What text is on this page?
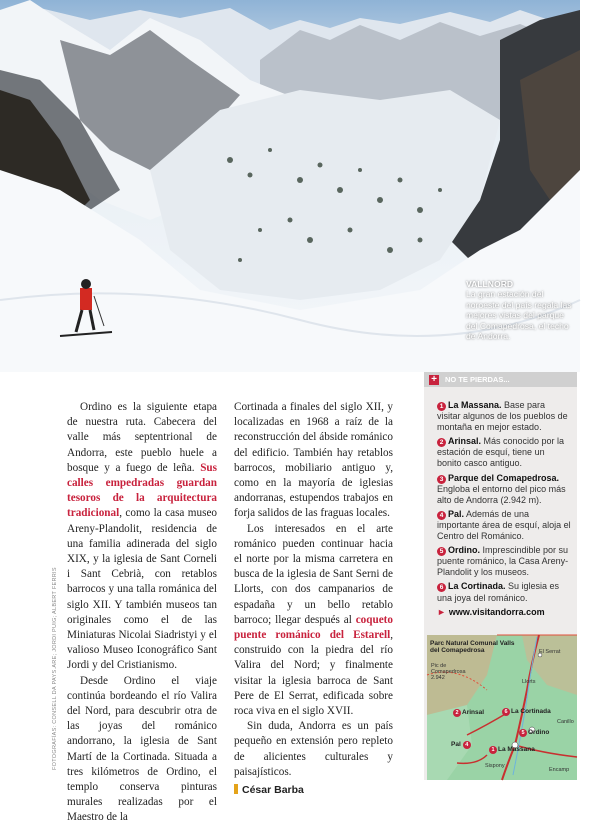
VALLNORD
La gran estación del noroeste del país regala las mejores vistas del parque del Comapedrosa, el techo de Andorra.
FOTOGRAFÍAS: CONSELL DA PAYS.ARE; JORDI PUIG; ALBERT FERRIS

Ordino es la siguiente etapa de nuestra ruta. Cabecera del valle más septentrional de Andorra, este pueblo huele a bosque y a fuego de leña. Sus calles empedradas guardan tesoros de la arquitectura tradicional, como la casa museo Areny-Plandolit, residencia de una familia adinerada del siglo XIX, y la iglesia de Sant Corneli i Sant Cebrià, con retablos barrocos y una talla románica del siglo XII. Y también museos tan originales como el de las Miniaturas Nicolai Siadristyi y el valioso Museo Iconográfico Sant Jordi y del Cristianismo.

Desde Ordino el viaje continúa bordeando el río Valira del Nord, para descubrir otra de las joyas del románico andorrano, la iglesia de Sant Martí de la Cortinada. Situada a tres kilómetros de Ordino, el templo conserva pinturas murales realizadas por el Maestro de la

Cortinada a finales del siglo XII, y localizadas en 1968 a raíz de la reconstrucción del ábside románico del edificio. También hay retablos barrocos, mobiliario antiguo y, como en la mayoría de iglesias andorranas, estupendos trabajos en forja salidos de las fraguas locales.

Los interesados en el arte románico pueden continuar hacia el norte por la misma carretera en busca de la iglesia de Sant Serni de Llorts, con dos campanarios de espadaña y un bello retablo barroco; llegar después al coqueto puente románico del Estarell, construido con la piedra del río Valira del Nord; y finalmente visitar la iglesia barroca de Sant Pere de El Serrat, edificada sobre roca viva en el siglo XVII.

Sin duda, Andorra es un país pequeño en extensión pero repleto de alicientes culturales y paisajísticos.

César Barba
+ NO TE PIERDAS...
1 La Massana. Base para visitar algunos de los pueblos de montaña en mejor estado.
2 Arinsal. Más conocido por la estación de esquí, tiene un bonito casco antiguo.
3 Parque del Comapedrosa. Engloba el entorno del pico más alto de Andorra (2.942 m).
4 Pal. Además de una importante área de esquí, aloja el Centro del Románico.
5 Ordino. Imprescindible por su puente románico, la Casa Areny-Plandolit y los museos.
6 La Cortinada. Su iglesia es una joya del románico.
► www.visitandorra.com
Parc Natural Comunal Valls del Comapedrosa	El Serrat
Llorts
Pic de Comapedrosa 2.942
2 Arinsal	6 La Cortinada
5 Ordino
Pal 4
1 La Massana
Canillo
Sispony
Encamp
